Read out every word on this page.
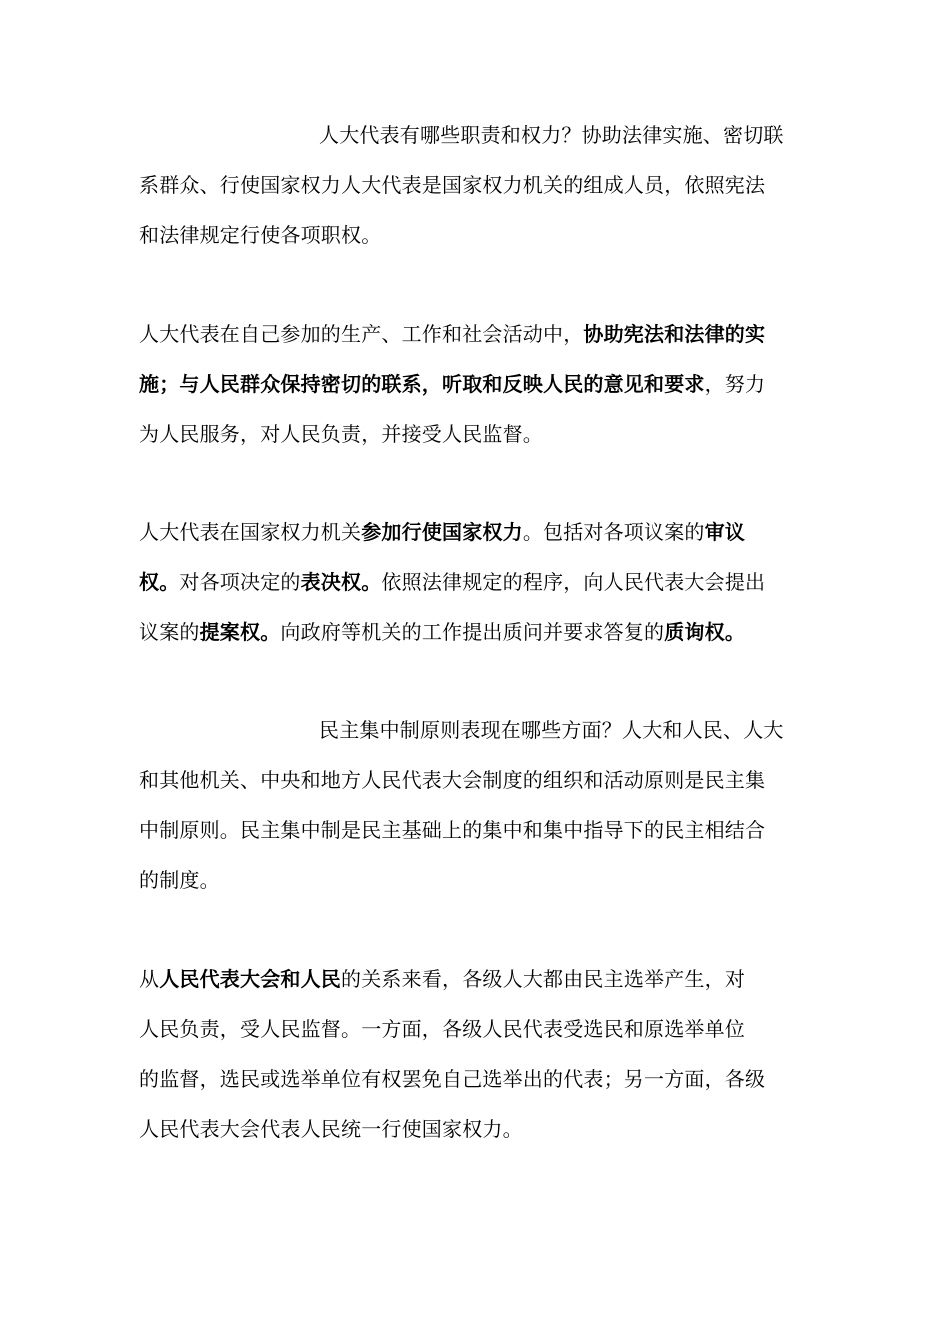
人大代表有哪些职责和权力？协助法律实施、密切联
系群众、行使国家权力人大代表是国家权力机关的组成人员，依照宪法
和法律规定行使各项职权。
人大代表在自己参加的生产、工作和社会活动中，协助宪法和法律的实
施；与人民群众保持密切的联系，听取和反映人民的意见和要求，努力
为人民服务，对人民负责，并接受人民监督。
人大代表在国家权力机关参加行使国家权力。包括对各项议案的审议
权。对各项决定的表决权。依照法律规定的程序，向人民代表大会提出
议案的提案权。向政府等机关的工作提出质问并要求答复的质询权。
民主集中制原则表现在哪些方面？人大和人民、人大
和其他机关、中央和地方人民代表大会制度的组织和活动原则是民主集
中制原则。民主集中制是民主基础上的集中和集中指导下的民主相结合
的制度。
从人民代表大会和人民的关系来看，各级人大都由民主选举产生，对
人民负责，受人民监督。一方面，各级人民代表受选民和原选举单位
的监督，选民或选举单位有权罢免自己选举出的代表；另一方面，各级
人民代表大会代表人民统一行使国家权力。
